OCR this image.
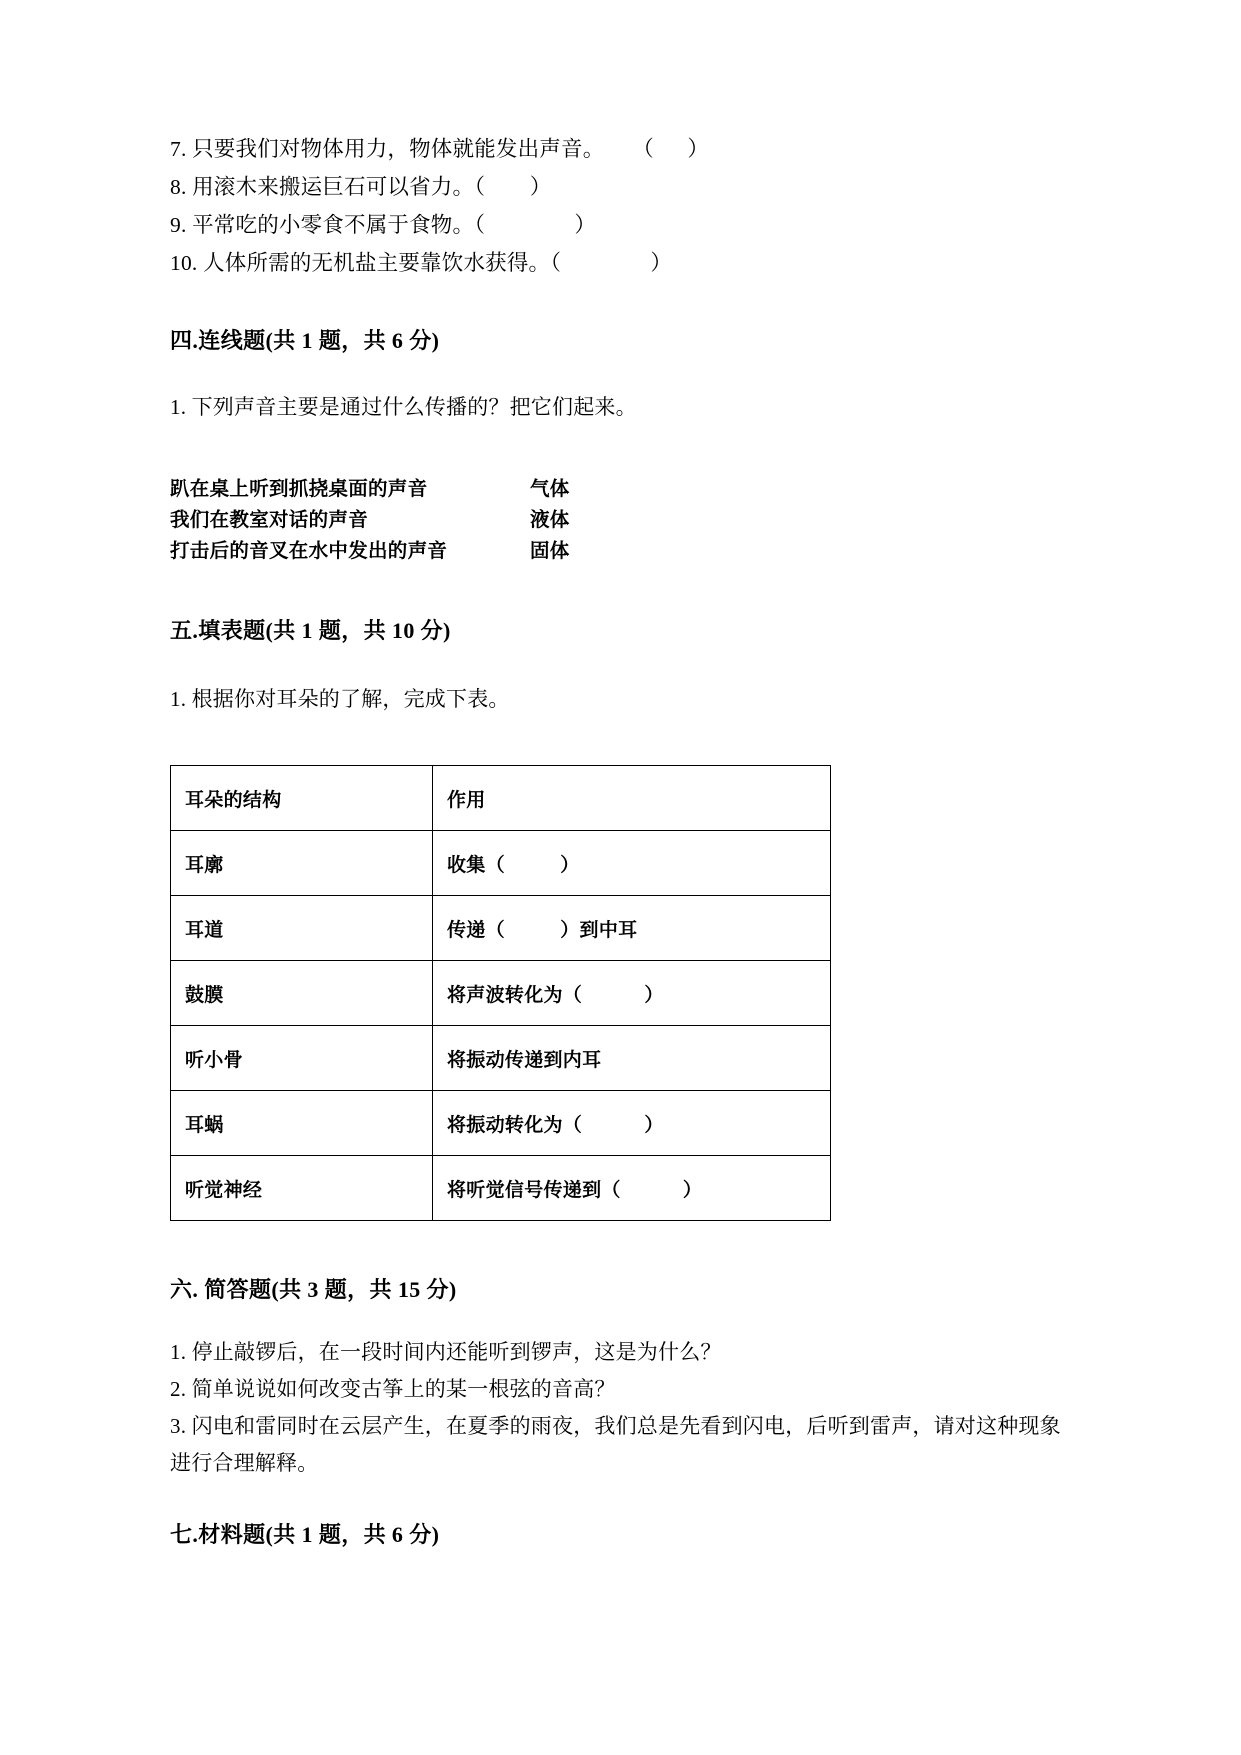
7. 只要我们对物体用力，物体就能发出声音。     （      ）
8. 用滚木来搬运巨石可以省力。（        ）
9. 平常吃的小零食不属于食物。（                ）
10. 人体所需的无机盐主要靠饮水获得。（                ）
四.连线题(共 1 题，共 6 分)
1. 下列声音主要是通过什么传播的？把它们起来。
趴在桌上听到抓挠桌面的声音	气体
我们在教室对话的声音	液体
打击后的音叉在水中发出的声音	固体
五.填表题(共 1 题，共 10 分)
1. 根据你对耳朵的了解，完成下表。
耳朵的结构	作用
耳廓	收集（        ）
耳道	传递（        ）到中耳
鼓膜	将声波转化为（         ）
听小骨	将振动传递到内耳
耳蜗	将振动转化为（         ）
听觉神经	将听觉信号传递到（         ）
六. 简答题(共 3 题，共 15 分)
1. 停止敲锣后，在一段时间内还能听到锣声，这是为什么？
2. 简单说说如何改变古筝上的某一根弦的音高？
3. 闪电和雷同时在云层产生，在夏季的雨夜，我们总是先看到闪电，后听到雷声，请对这种现象进行合理解释。
七.材料题(共 1 题，共 6 分)
